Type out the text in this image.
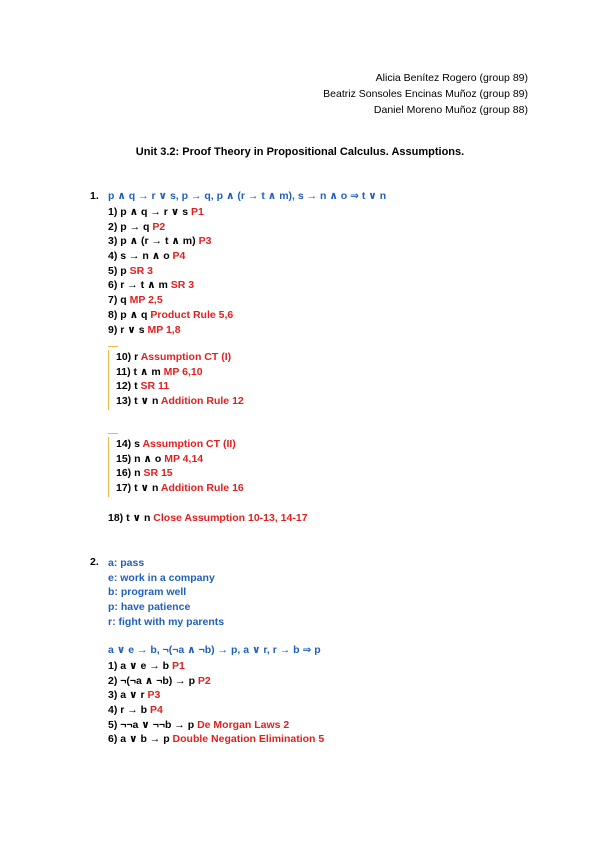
Alicia Benítez Rogero (group 89)
Beatriz Sonsoles Encinas Muñoz (group 89)
Daniel Moreno Muñoz (group 88)
Unit 3.2: Proof Theory in Propositional Calculus. Assumptions.
1. p ∧ q → r ∨ s, p → q, p ∧ (r → t ∧ m), s → n ∧ o ⇒ t ∨ n
1) p ∧ q → r ∨ s P1
2) p → q P2
3) p ∧ (r → t ∧ m) P3
4) s → n ∧ o P4
5) p SR 3
6) r → t ∧ m SR 3
7) q MP 2,5
8) p ∧ q Product Rule 5,6
9) r ∨ s MP 1,8
10) r Assumption CT (I)
11) t ∧ m MP 6,10
12) t SR 11
13) t ∨ n Addition Rule 12
14) s Assumption CT (II)
15) n ∧ o MP 4,14
16) n SR 15
17) t ∨ n Addition Rule 16
18) t ∨ n Close Assumption 10-13, 14-17
2. a: pass
e: work in a company
b: program well
p: have patience
r: fight with my parents
a ∨ e → b, ¬(¬a ∧ ¬b) → p, a ∨ r, r → b ⇒ p
1) a ∨ e → b P1
2) ¬(¬a ∧ ¬b) → p P2
3) a ∨ r P3
4) r → b P4
5) ¬¬a ∨ ¬¬b → p De Morgan Laws 2
6) a ∨ b → p Double Negation Elimination 5
